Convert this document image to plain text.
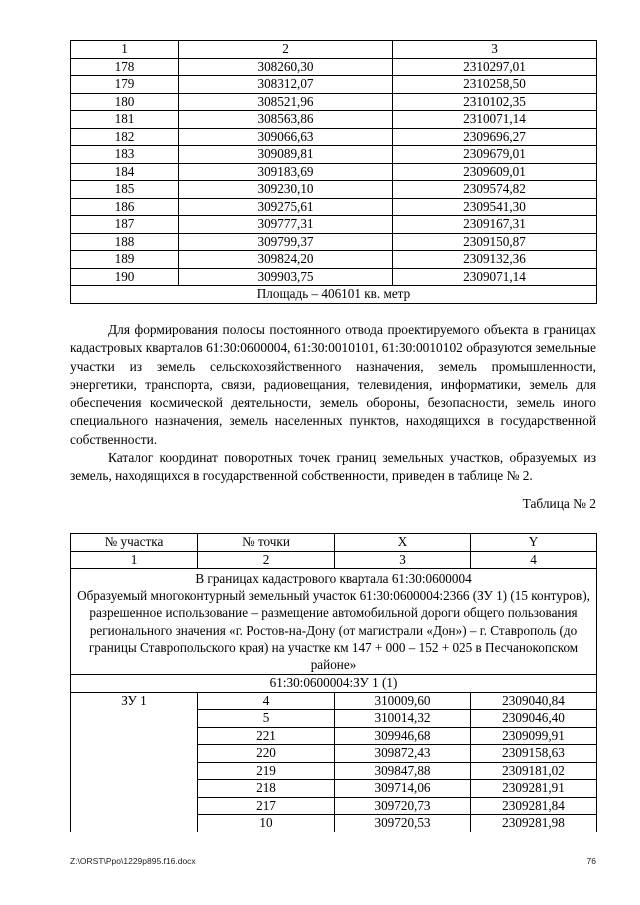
1	2	3
178	308260,30	2310297,01
179	308312,07	2310258,50
180	308521,96	2310102,35
181	308563,86	2310071,14
182	309066,63	2309696,27
183	309089,81	2309679,01
184	309183,69	2309609,01
185	309230,10	2309574,82
186	309275,61	2309541,30
187	309777,31	2309167,31
188	309799,37	2309150,87
189	309824,20	2309132,36
190	309903,75	2309071,14
Площадь – 406101 кв. метр		

Для формирования полосы постоянного отвода проектируемого объекта в границах кадастровых кварталов 61:30:0600004, 61:30:0010101, 61:30:0010102 образуются земельные участки из земель сельскохозяйственного назначения, земель промышленности, энергетики, транспорта, связи, радиовещания, телевидения, информатики, земель для обеспечения космической деятельности, земель обороны, безопасности, земель иного специального назначения, земель населенных пунктов, находящихся в государственной собственности.

Каталог координат поворотных точек границ земельных участков, образуемых из земель, находящихся в государственной собственности, приведен в таблице № 2.

Таблица № 2
№ участка	№ точки	X	Y
1	2	3	4

В границах кадастрового квартала 61:30:0600004
Образуемый многоконтурный земельный участок 61:30:0600004:2366 (ЗУ 1) (15 контуров), разрешенное использование – размещение автомобильной дороги общего пользования регионального значения «г. Ростов-на-Дону (от магистрали «Дон») – г. Ставрополь (до границы Ставропольского края) на участке км 147 + 000 – 152 + 025 в Песчанокопском районе»			

61:30:0600004:ЗУ 1 (1)			
ЗУ 1	4	310009,60	2309040,84
	5	310014,32	2309046,40
	221	309946,68	2309099,91
	220	309872,43	2309158,63
	219	309847,88	2309181,02
	218	309714,06	2309281,91
	217	309720,73	2309281,84
	10	309720,53	2309281,98
Z:\ORST\Ppo\1229p895.f16.docx	76
